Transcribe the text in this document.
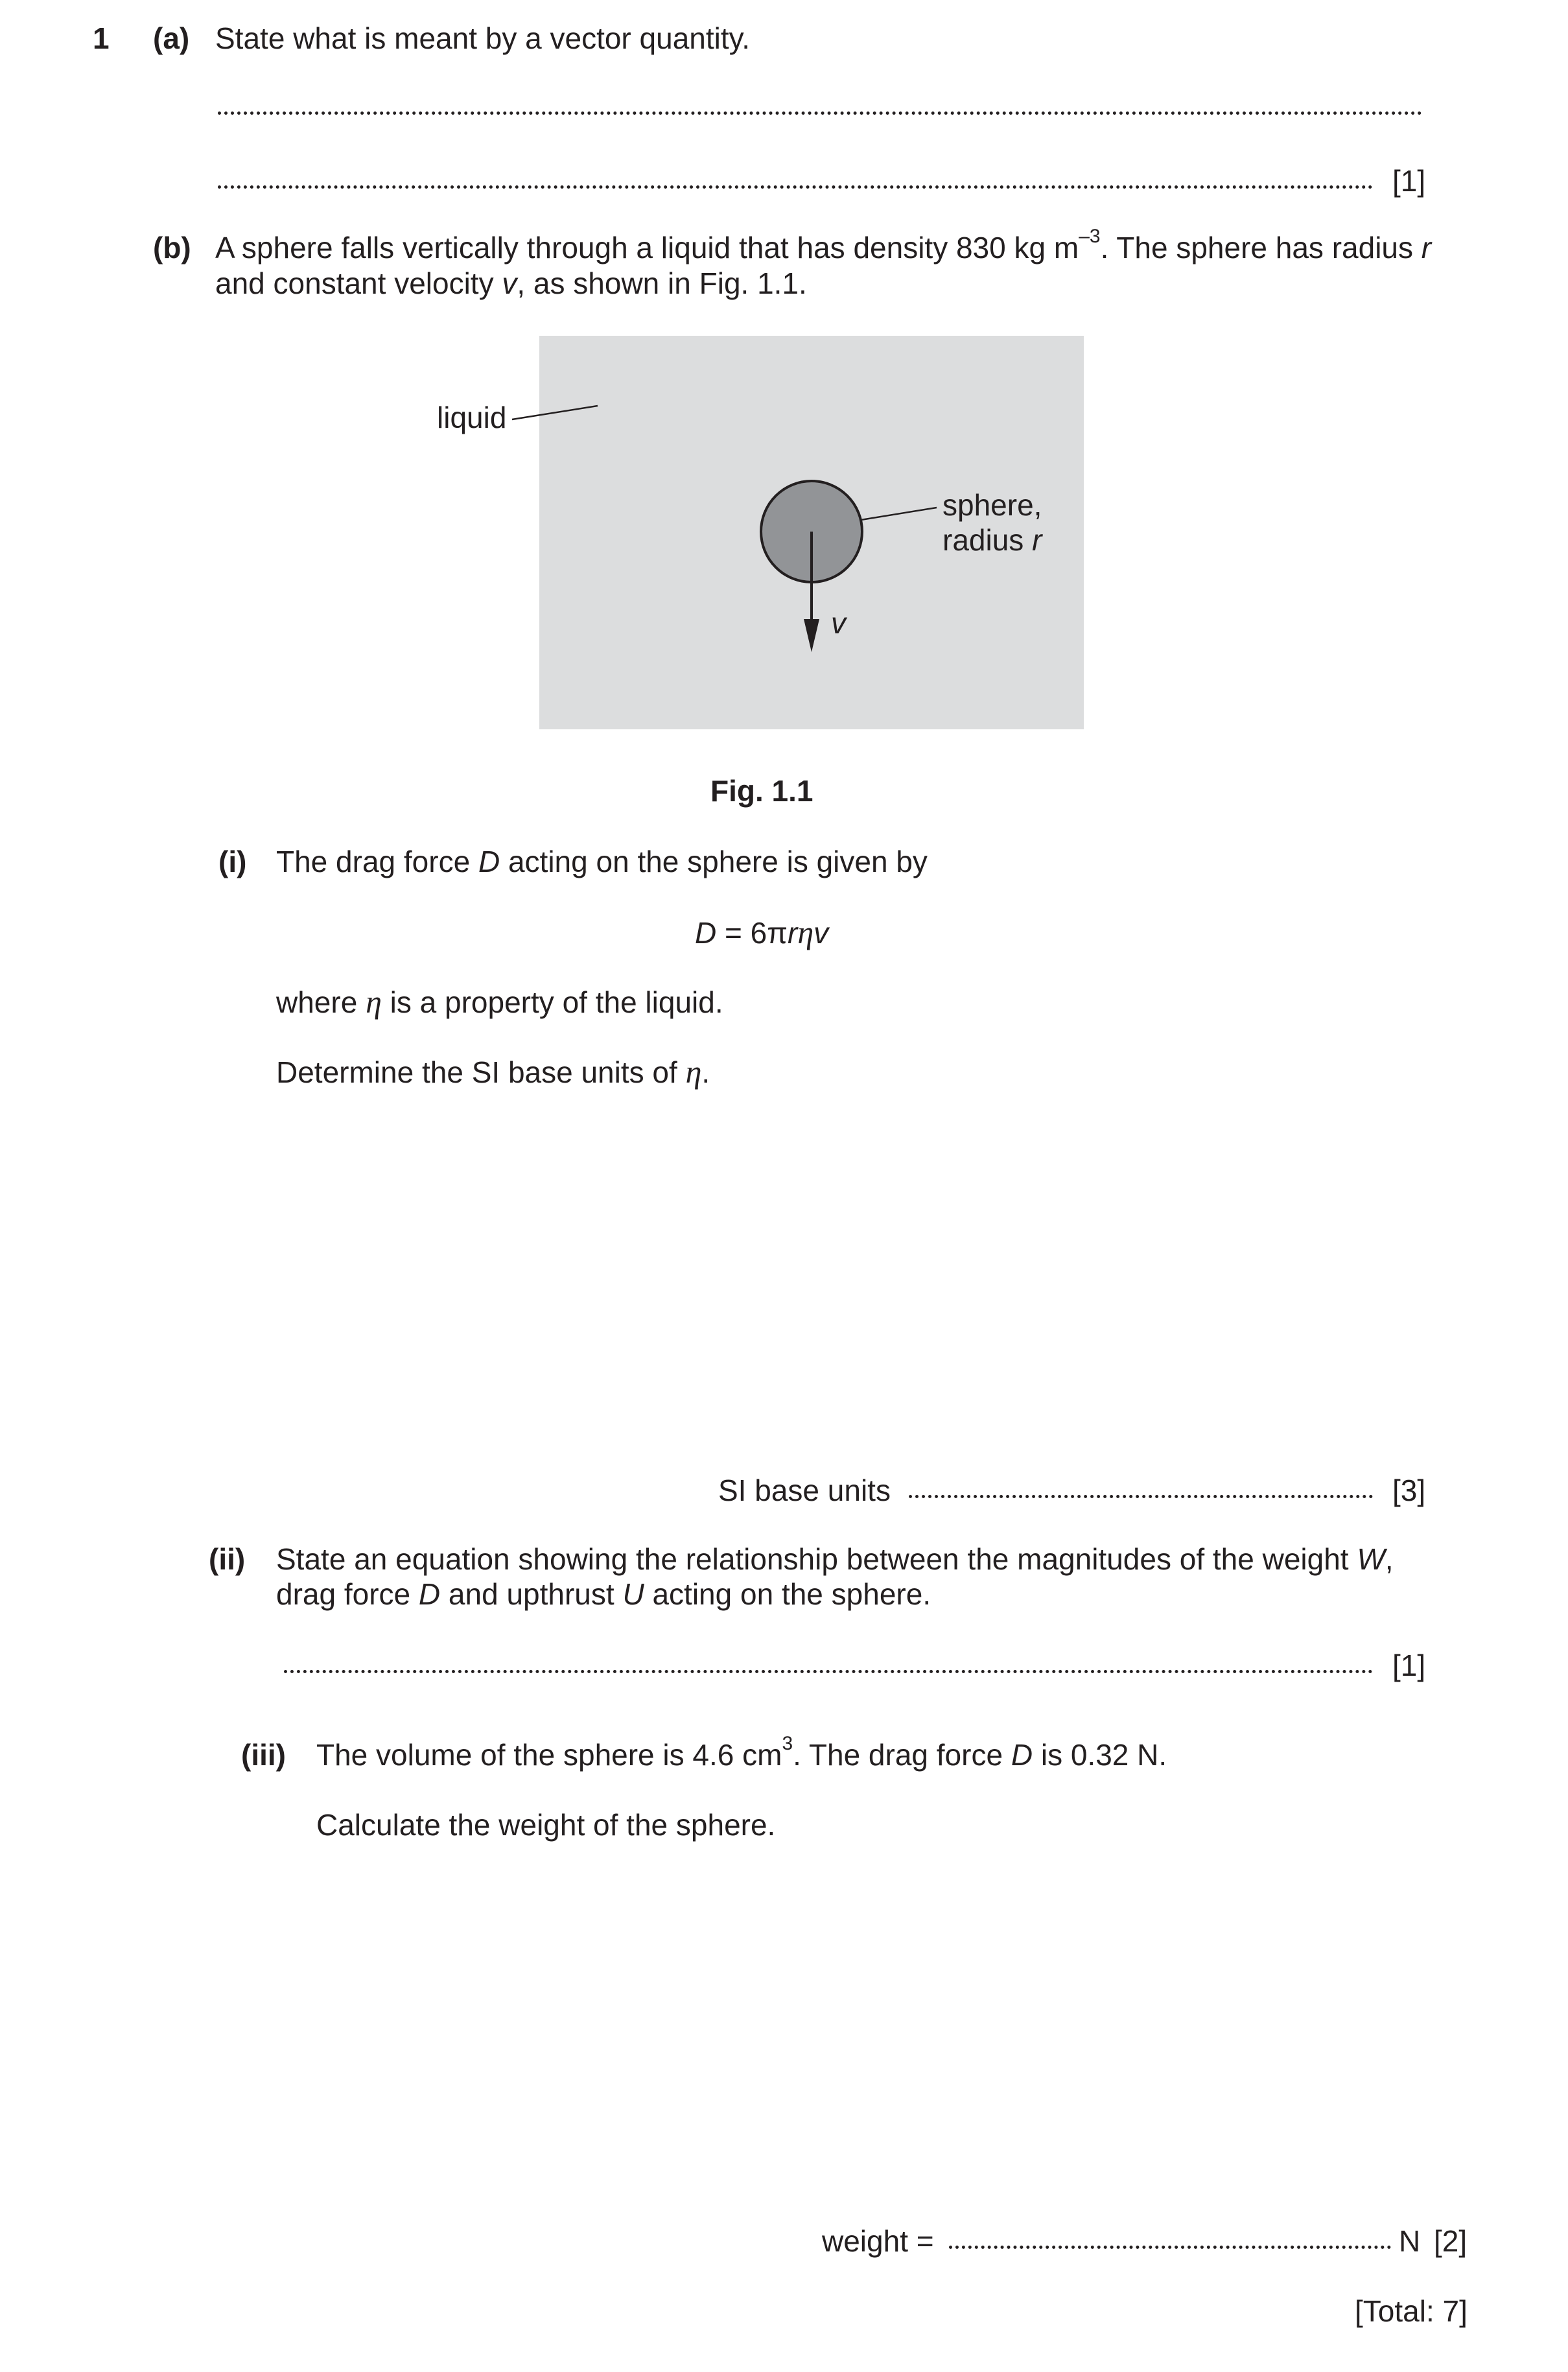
1 (a) State what is meant by a vector quantity.
[1]
(b) A sphere falls vertically through a liquid that has density 830 kg $m^{-3}$. The sphere has radius r
and constant velocity v, as shown in Fig. 1.1.
liquid
sphere,
radius r
v
Fig. 1.1
(i) The drag force D acting on the sphere is given by
D = 6πrηv
where η is a property of the liquid.
Determine the SI base units of η.
SI base units	[3]
(ii) State an equation showing the relationship between the magnitudes of the weight W,
drag force D and upthrust U acting on the sphere.
[1]
(iii) The volume of the sphere is 4.6 $cm^3$. The drag force D is 0.32 N.
Calculate the weight of the sphere.
weight =	N [2]
[Total: 7]
